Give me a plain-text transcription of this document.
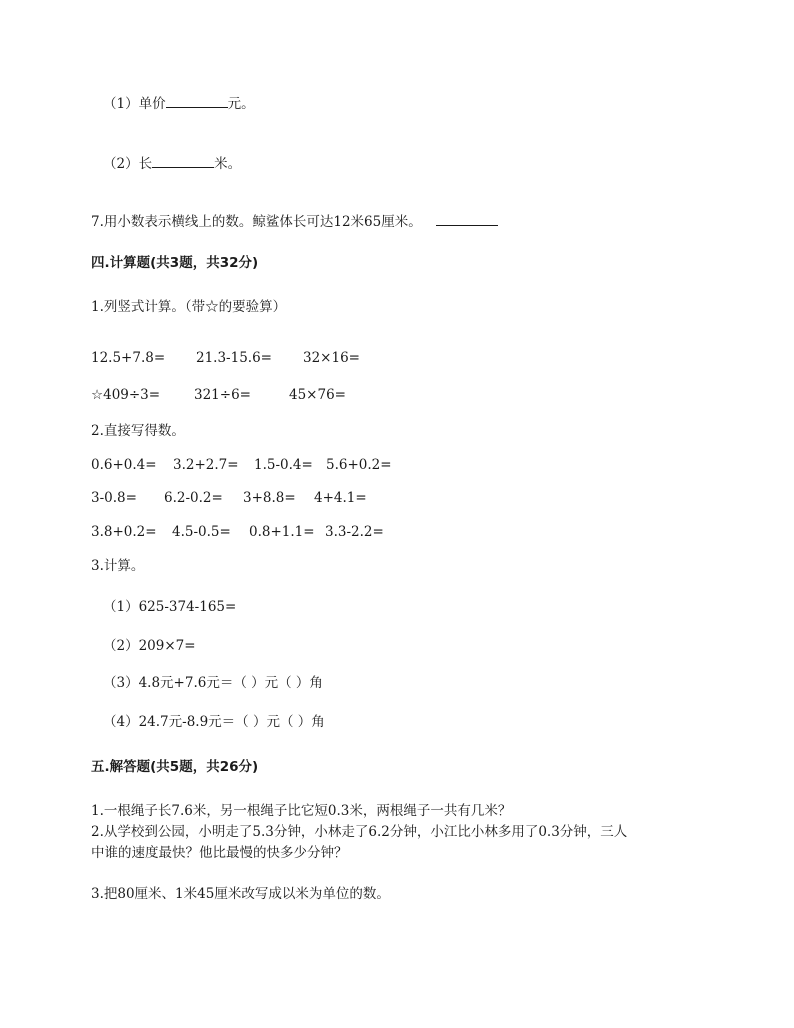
（1）单价	元。
（2）长	米。
7.用小数表示横线上的数。鲸鲨体长可达12米65厘米。
四.计算题(共3题，共32分)
1.列竖式计算。（带☆的要验算）
12.5+7.8= 21.3-15.6= 32×16=
☆409÷3=	321÷6=	45×76=
2.直接写得数。
0.6+0.4= 3.2+2.7= 1.5-0.4= 5.6+0.2=
3-0.8= 6.2-0.2= 3+8.8= 4+4.1=
3.8+0.2= 4.5-0.5= 0.8+1.1= 3.3-2.2=
3.计算。
（1）625-374-165=
（2）209×7=
（3）4.8元+7.6元＝（ ）元（ ）角
（4）24.7元-8.9元＝（ ）元（ ）角
五.解答题(共5题，共26分)
1.一根绳子长7.6米，另一根绳子比它短0.3米，两根绳子一共有几米？
2.从学校到公园，小明走了5.3分钟，小林走了6.2分钟，小江比小林多用了0.3分钟，三人
中谁的速度最快？他比最慢的快多少分钟？
3.把80厘米、1米45厘米改写成以米为单位的数。
